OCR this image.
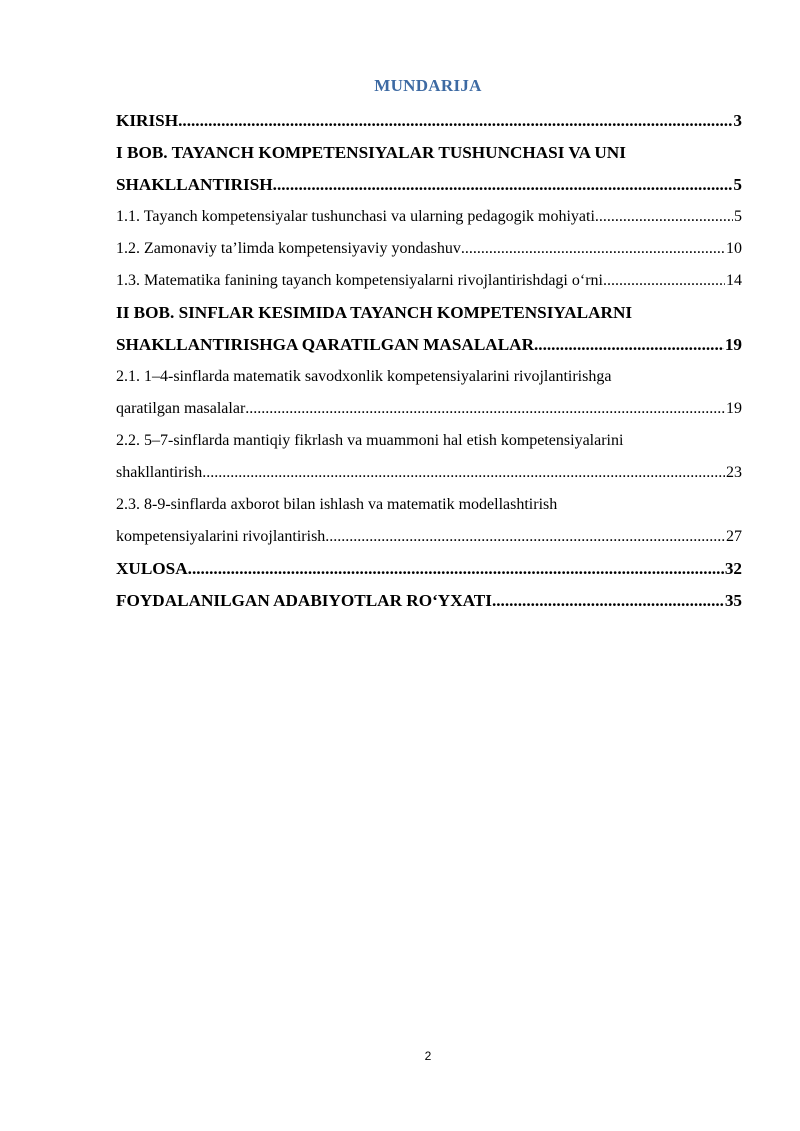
MUNDARIJA
KIRISH .....	3
I BOB. TAYANCH KOMPETENSIYALAR TUSHUNCHASI VA UNI
SHAKLLANTIRISH .....	5
1.1. Tayanch kompetensiyalar tushunchasi va ularning pedagogik mohiyati .....	5
1.2. Zamonaviy ta’limda kompetensiyaviy yondashuv .....	10
1.3. Matematika fanining tayanch kompetensiyalarni rivojlantirishdagi o‘rni .....	14
II BOB. SINFLAR KESIMIDA TAYANCH KOMPETENSIYALARNI
SHAKLLANTIRISHGA QARATILGAN MASALALAR .....	19
2.1. 1–4-sinflarda matematik savodxonlik kompetensiyalarini rivojlantirishga
qaratilgan masalalar .....	19
2.2. 5–7-sinflarda mantiqiy fikrlash va muammoni hal etish kompetensiyalarini
shakllantirish .....	23
2.3. 8-9-sinflarda axborot bilan ishlash va matematik modellashtirish
kompetensiyalarini rivojlantirish .....	27
XULOSA .....	32
FOYDALANILGAN ADABIYOTLAR RO‘YXATI .....	35
2
